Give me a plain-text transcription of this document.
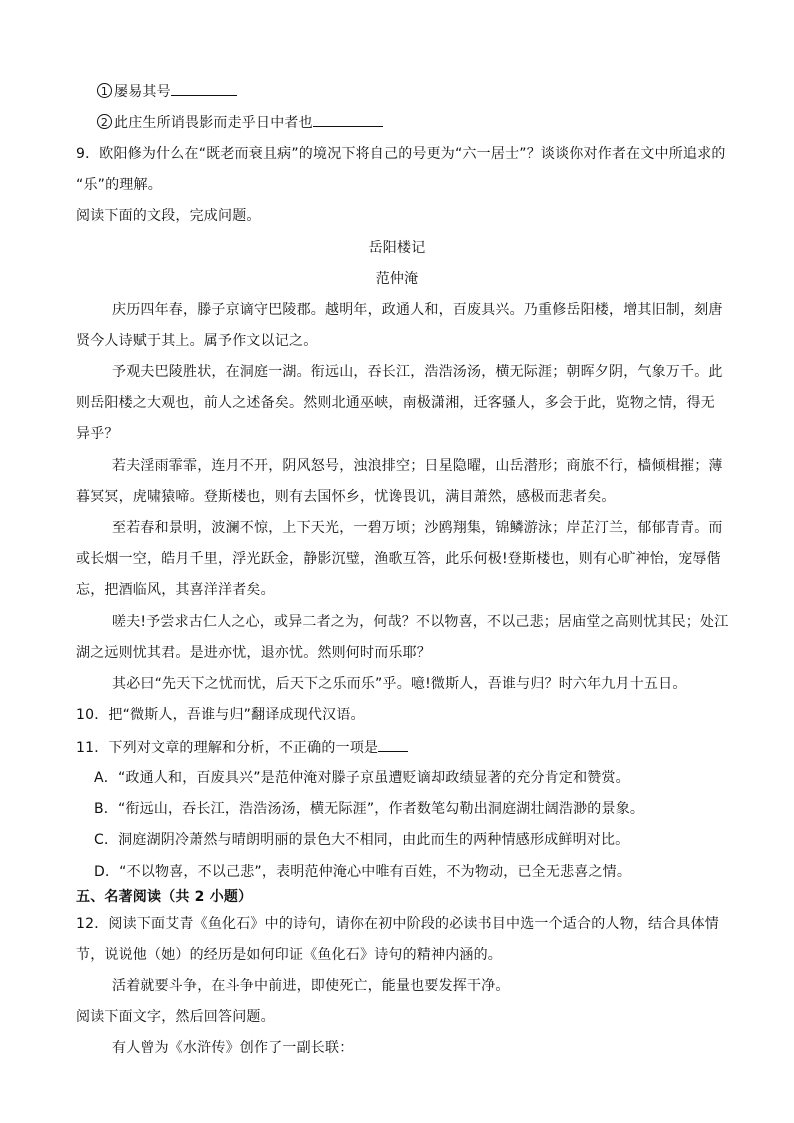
1 屡易其号
2 此庄生所诮畏影而走乎日中者也
9．欧阳修为什么在“既老而衰且病”的境况下将自己的号更为“六一居士”？谈谈你对作者在文中所追求的
“乐”的理解。
阅读下面的文段，完成问题。
岳阳楼记
范仲淹
庆历四年春，滕子京谪守巴陵郡。越明年，政通人和，百废具兴。乃重修岳阳楼，增其旧制，刻唐
贤今人诗赋于其上。属予作文以记之。
予观夫巴陵胜状，在洞庭一湖。衔远山，吞长江，浩浩汤汤，横无际涯；朝晖夕阴，气象万千。此
则岳阳楼之大观也，前人之述备矣。然则北通巫峡，南极潇湘，迁客骚人，多会于此，览物之情，得无
异乎？
若夫淫雨霏霏，连月不开，阴风怒号，浊浪排空；日星隐曜，山岳潜形；商旅不行，樯倾楫摧；薄
暮冥冥，虎啸猿啼。登斯楼也，则有去国怀乡，忧谗畏讥，满目萧然，感极而悲者矣。
至若春和景明，波澜不惊，上下天光，一碧万顷；沙鸥翔集，锦鳞游泳；岸芷汀兰，郁郁青青。而
或长烟一空，皓月千里，浮光跃金，静影沉璧，渔歌互答，此乐何极!登斯楼也，则有心旷神怡，宠辱偕
忘，把酒临风，其喜洋洋者矣。
嗟夫!予尝求古仁人之心，或异二者之为，何哉？不以物喜，不以己悲；居庙堂之高则忧其民；处江
湖之远则忧其君。是进亦忧，退亦忧。然则何时而乐耶？
其必曰“先天下之忧而忧，后天下之乐而乐”乎。噫!微斯人，吾谁与归？时六年九月十五日。
10．把“微斯人，吾谁与归”翻译成现代汉语。
11．下列对文章的理解和分析，不正确的一项是
A．“政通人和，百废具兴”是范仲淹对滕子京虽遭贬谪却政绩显著的充分肯定和赞赏。
B．“衔远山，吞长江，浩浩汤汤，横无际涯”，作者数笔勾勒出洞庭湖壮阔浩渺的景象。
C．洞庭湖阴冷萧然与晴朗明丽的景色大不相同，由此而生的两种情感形成鲜明对比。
D．“不以物喜，不以己悲”，表明范仲淹心中唯有百姓，不为物动，已全无悲喜之情。
五、名著阅读（共 2 小题）
12．阅读下面艾青《鱼化石》中的诗句，请你在初中阶段的必读书目中选一个适合的人物，结合具体情
节，说说他（她）的经历是如何印证《鱼化石》诗句的精神内涵的。
活着就要斗争，在斗争中前进，即使死亡，能量也要发挥干净。
阅读下面文字，然后回答问题。
有人曾为《水浒传》创作了一副长联：
